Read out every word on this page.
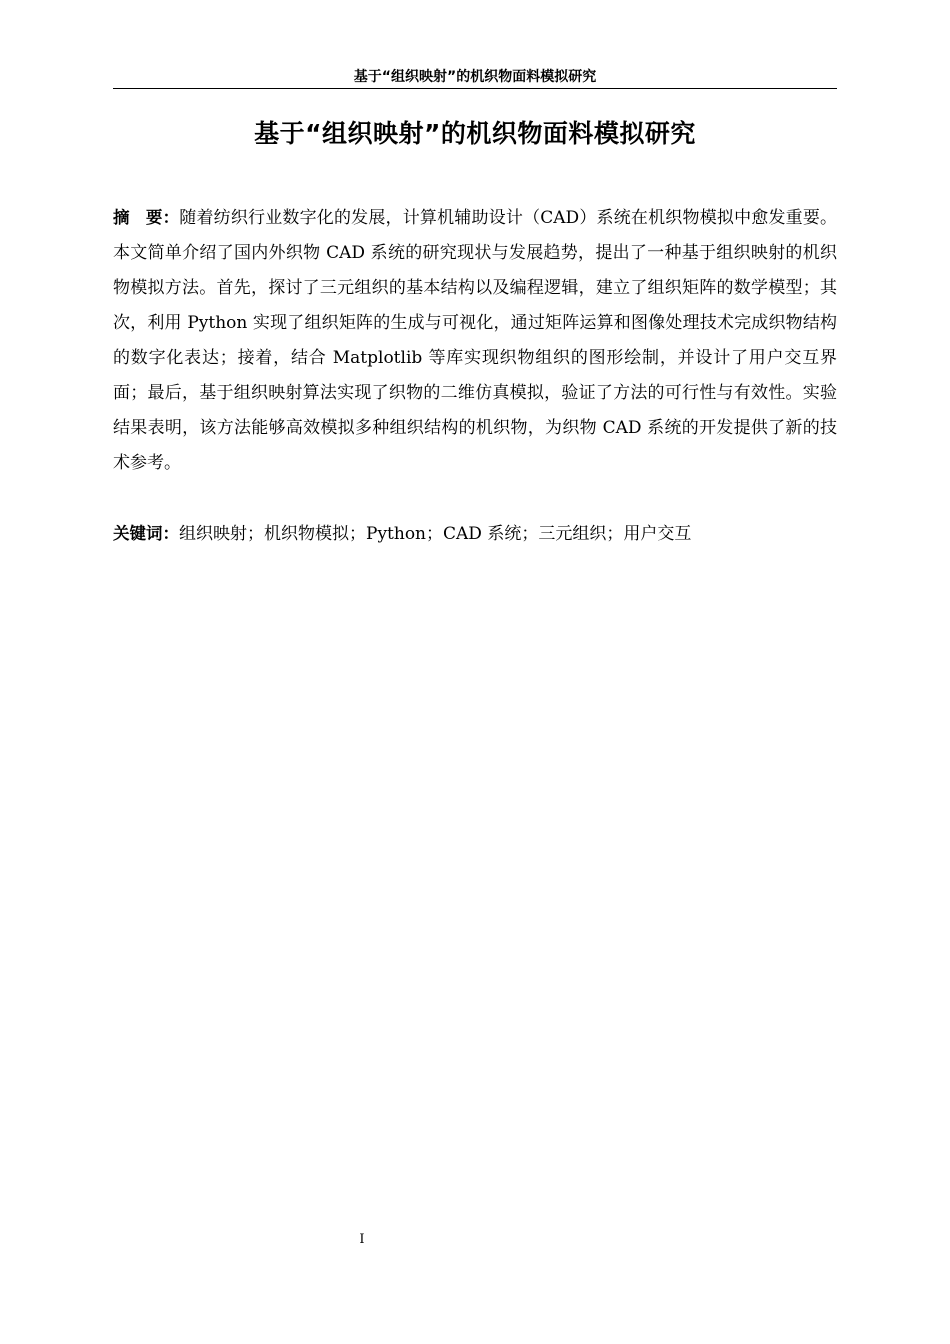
基于“组织映射”的机织物面料模拟研究
基于“组织映射”的机织物面料模拟研究

摘 要：随着纺织行业数字化的发展，计算机辅助设计（CAD）系统在机织物模拟中愈发重要。本文简单介绍了国内外织物 CAD 系统的研究现状与发展趋势，提出了一种基于组织映射的机织物模拟方法。首先，探讨了三元组织的基本结构以及编程逻辑，建立了组织矩阵的数学模型；其次，利用 Python 实现了组织矩阵的生成与可视化，通过矩阵运算和图像处理技术完成织物结构的数字化表达；接着，结合 Matplotlib 等库实现织物组织的图形绘制，并设计了用户交互界面；最后，基于组织映射算法实现了织物的二维仿真模拟，验证了方法的可行性与有效性。实验结果表明，该方法能够高效模拟多种组织结构的机织物，为织物 CAD 系统的开发提供了新的技术参考。

关键词：组织映射；机织物模拟；Python；CAD 系统；三元组织；用户交互

I
